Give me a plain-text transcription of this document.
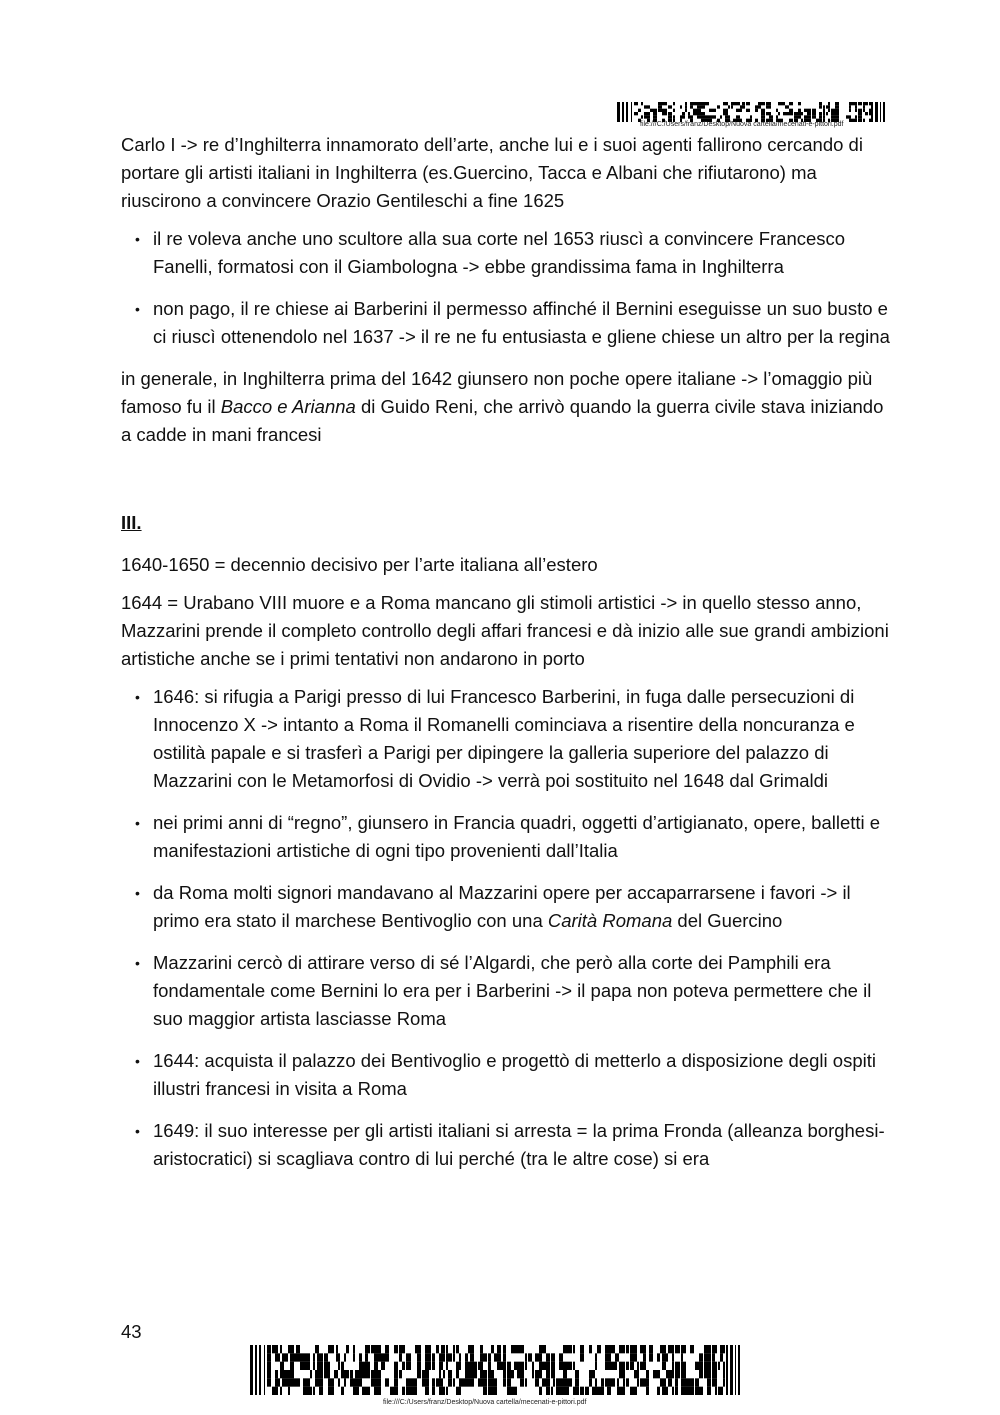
file:///C:/Users/franz/Desktop/Nuova cartella/mecenati-e-pittori.pdf

Carlo I -> re d’Inghilterra innamorato dell’arte, anche lui e i suoi agenti fallirono cercando di portare gli artisti italiani in Inghilterra (es.Guercino, Tacca e Albani che rifiutarono) ma riuscirono a convincere Orazio Gentileschi a fine 1625

• il re voleva anche uno scultore alla sua corte nel 1653 riuscì a convincere Francesco Fanelli, formatosi con il Giambologna -> ebbe grandissima fama in Inghilterra
• non pago, il re chiese ai Barberini il permesso affinché il Bernini eseguisse un suo busto e ci riuscì ottenendolo nel 1637 -> il re ne fu entusiasta e gliene chiese un altro per la regina

in generale, in Inghilterra prima del 1642 giunsero non poche opere italiane -> l’omaggio più famoso fu il Bacco e Arianna di Guido Reni, che arrivò quando la guerra civile stava iniziando a cadde in mani francesi

III.

1640-1650 = decennio decisivo per l’arte italiana all’estero

1644 = Urabano VIII muore e a Roma mancano gli stimoli artistici -> in quello stesso anno, Mazzarini prende il completo controllo degli affari francesi e dà inizio alle sue grandi ambizioni artistiche anche se i primi tentativi non andarono in porto

• 1646: si rifugia a Parigi presso di lui Francesco Barberini, in fuga dalle persecuzioni di Innocenzo X -> intanto a Roma il Romanelli cominciava a risentire della noncuranza e ostilità papale e si trasferì a Parigi per dipingere la galleria superiore del palazzo di Mazzarini con le Metamorfosi di Ovidio -> verrà poi sostituito nel 1648 dal Grimaldi
• nei primi anni di “regno”, giunsero in Francia quadri, oggetti d’artigianato, opere, balletti e manifestazioni artistiche di ogni tipo provenienti dall’Italia
• da Roma molti signori mandavano al Mazzarini opere per accaparrarsene i favori -> il primo era stato il marchese Bentivoglio con una Carità Romana del Guercino
• Mazzarini cercò di attirare verso di sé l’Algardi, che però alla corte dei Pamphili era fondamentale come Bernini lo era per i Barberini -> il papa non poteva permettere che il suo maggior artista lasciasse Roma
• 1644: acquista il palazzo dei Bentivoglio e progettò di metterlo a disposizione degli ospiti illustri francesi in visita a Roma
• 1649: il suo interesse per gli artisti italiani si arresta = la prima Fronda (alleanza borghesi-aristocratici) si scagliava contro di lui perché (tra le altre cose) si era
43
file:///C:/Users/franz/Desktop/Nuova cartella/mecenati-e-pittori.pdf
